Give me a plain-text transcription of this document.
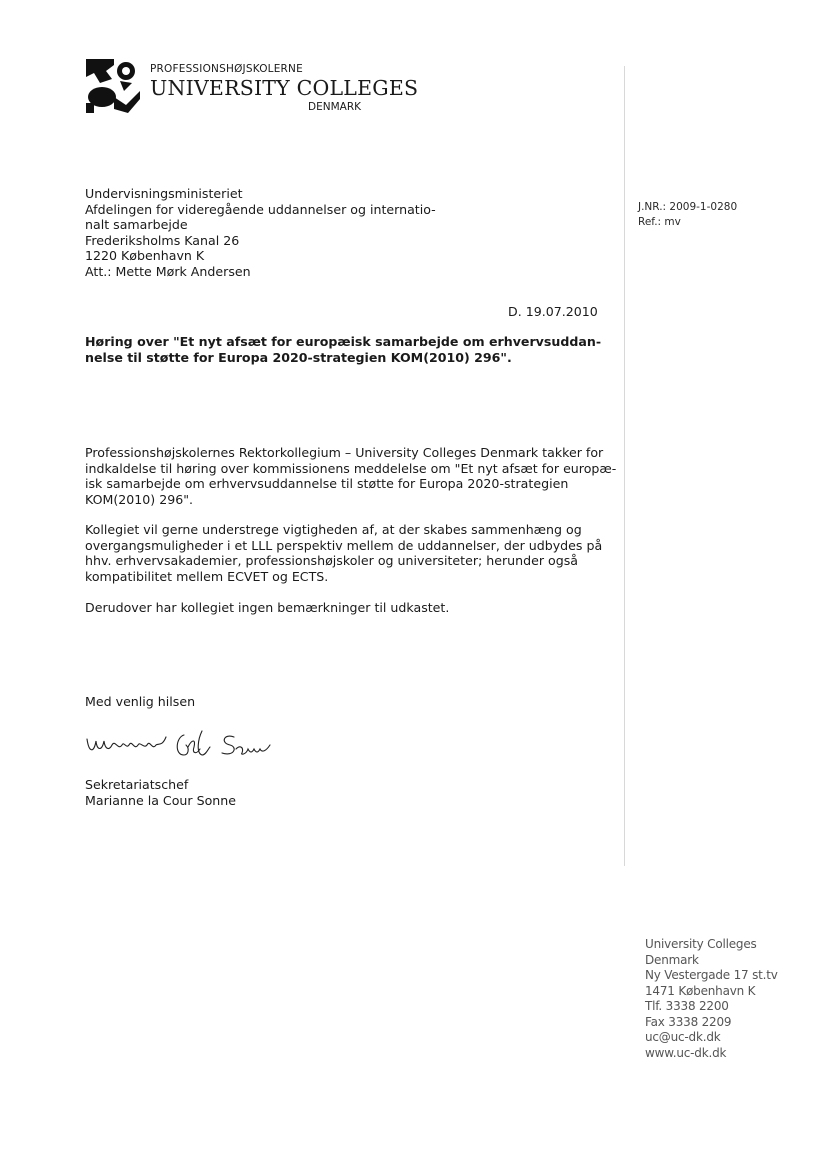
PROFESSIONSHØJSKOLERNE
UNIVERSITY COLLEGES
DENMARK
Undervisningsministeriet
Afdelingen for videregående uddannelser og internatio-
nalt samarbejde
Frederiksholms Kanal 26
1220 København K
Att.: Mette Mørk Andersen
J.NR.: 2009-1-0280
Ref.: mv
D. 19.07.2010
Høring over "Et nyt afsæt for europæisk samarbejde om erhvervsuddan-
nelse til støtte for Europa 2020-strategien KOM(2010) 296".
Professionshøjskolernes Rektorkollegium – University Colleges Denmark takker for
indkaldelse til høring over kommissionens meddelelse om "Et nyt afsæt for europæ-
isk samarbejde om erhvervsuddannelse til støtte for Europa 2020-strategien
KOM(2010) 296".
Kollegiet vil gerne understrege vigtigheden af, at der skabes sammenhæng og
overgangsmuligheder i et LLL perspektiv mellem de uddannelser, der udbydes på
hhv. erhvervsakademier, professionshøjskoler og universiteter; herunder også
kompatibilitet mellem ECVET og ECTS.
Derudover har kollegiet ingen bemærkninger til udkastet.
Med venlig hilsen
Sekretariatschef
Marianne la Cour Sonne
University Colleges
Denmark
Ny Vestergade 17 st.tv
1471 København K
Tlf. 3338 2200
Fax 3338 2209
uc@uc-dk.dk
www.uc-dk.dk
